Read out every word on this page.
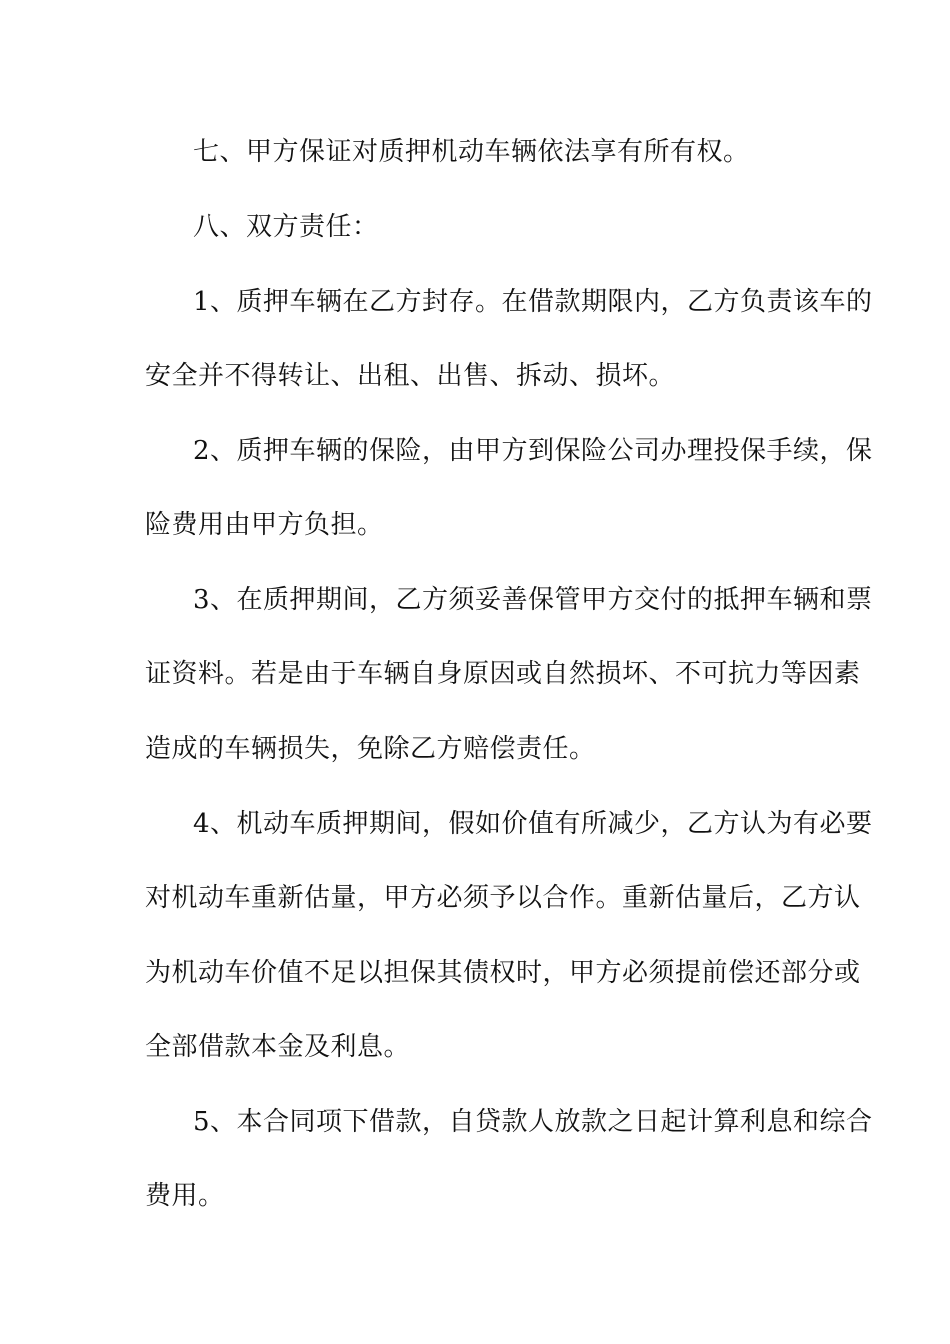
七、甲方保证对质押机动车辆依法享有所有权。

八、双方责任：

1、质押车辆在乙方封存。在借款期限内，乙方负责该车的

安全并不得转让、出租、出售、拆动、损坏。

2、质押车辆的保险，由甲方到保险公司办理投保手续，保

险费用由甲方负担。

3、在质押期间，乙方须妥善保管甲方交付的抵押车辆和票

证资料。若是由于车辆自身原因或自然损坏、不可抗力等因素

造成的车辆损失，免除乙方赔偿责任。

4、机动车质押期间，假如价值有所减少，乙方认为有必要

对机动车重新估量，甲方必须予以合作。重新估量后，乙方认

为机动车价值不足以担保其债权时，甲方必须提前偿还部分或

全部借款本金及利息。

5、本合同项下借款，自贷款人放款之日起计算利息和综合

费用。
